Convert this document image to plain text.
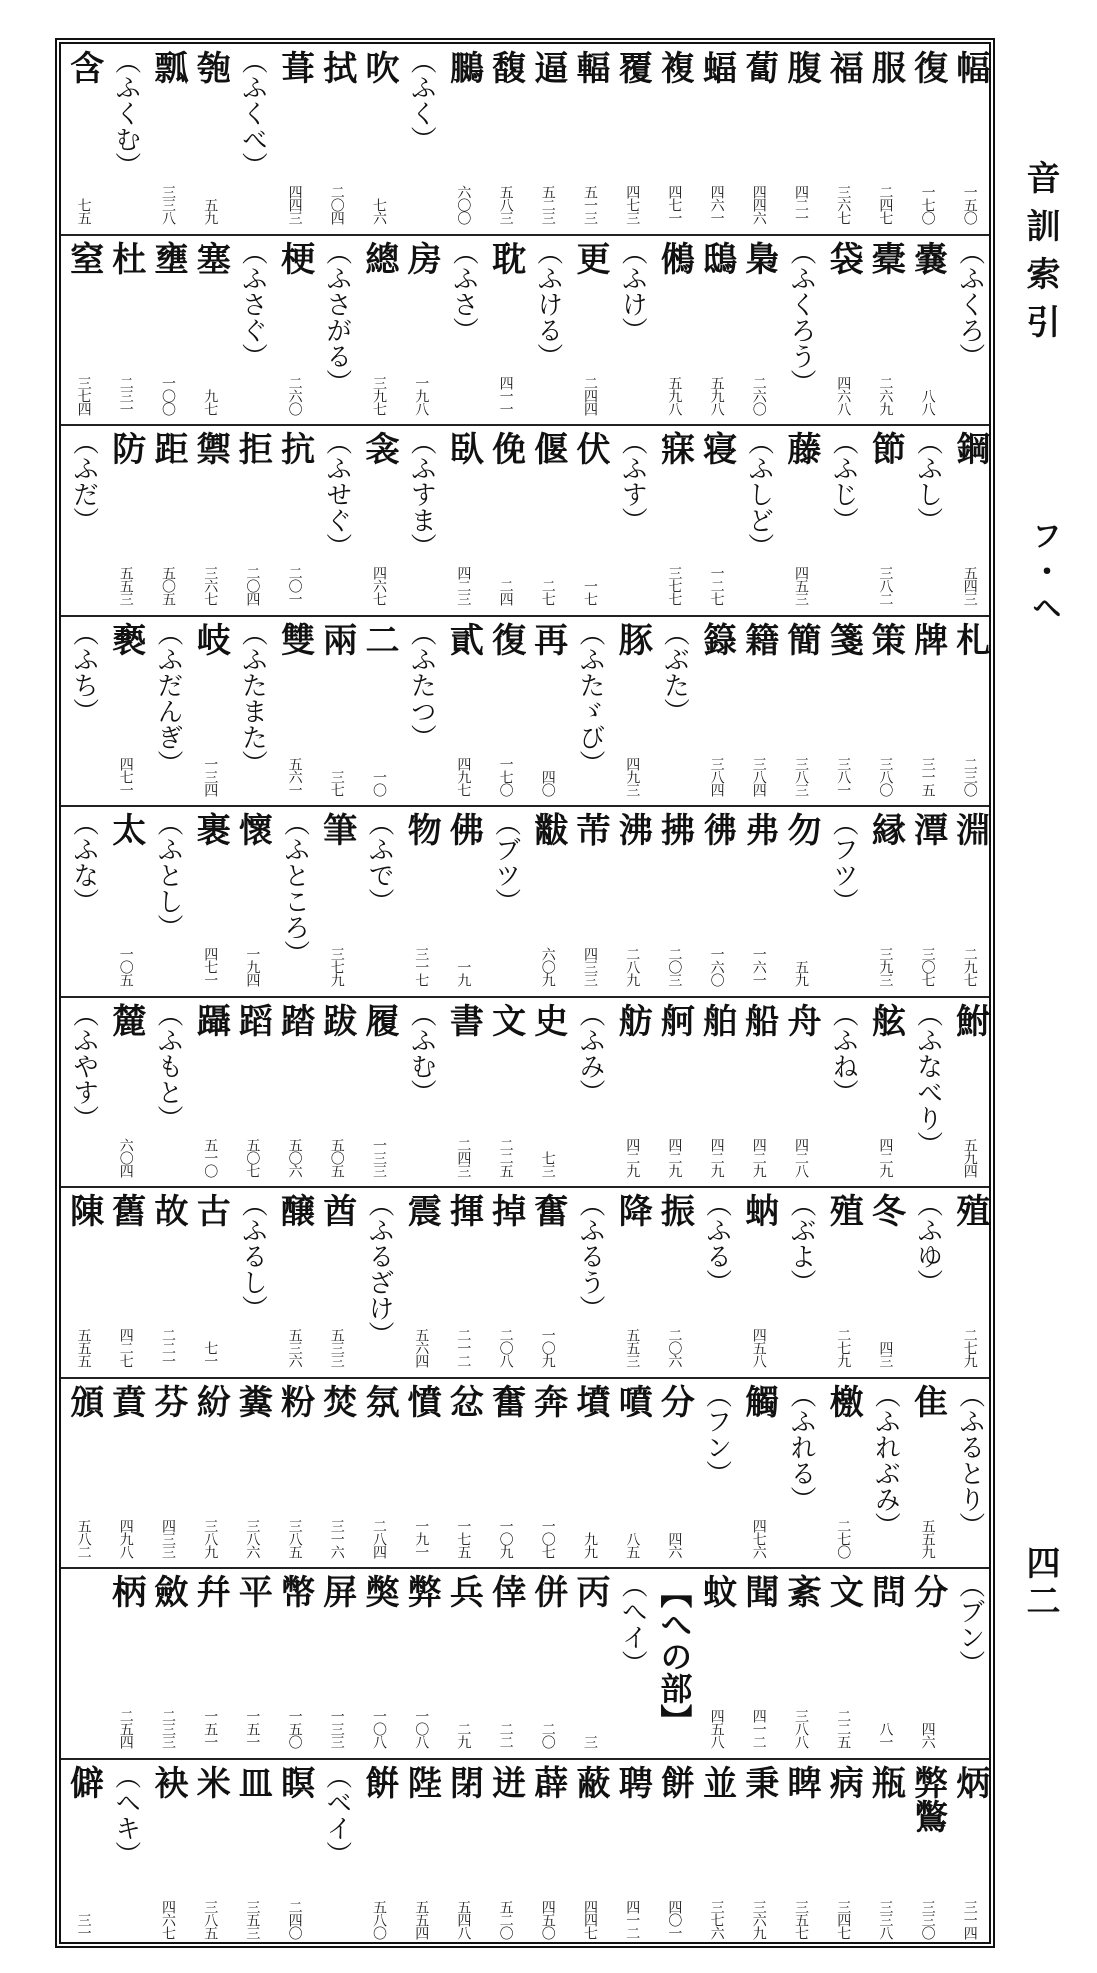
幅
一五〇
復
一七〇
服
二四七
福
三六七
腹
四二一
蔔
四四六
蝠
四六一
複
四七一
覆
四七三
輻
五一三
逼
五二三
馥
五八三
鵩
六〇〇
（ふく）
吹
七六
拭
二〇四
葺
四四三
（ふくべ）
匏
五九
瓢
三三八
（ふくむ）
含
七五
（ふくろ）
嚢
八八
橐
二六九
袋
四六八
（ふくろう）
梟
二六〇
鴟
五九八
鵂
五九八
（ふけ）
更
二四四
（ふける）
耽
四一一
（ふさ）
房
一九八
總
三九七
（ふさがる）
梗
二六〇
（ふさぐ）
塞
九七
壅
一〇〇
杜
二三一
窒
三七四
鋼
五四三
（ふし）
節
三八二
（ふじ）
藤
四五三
（ふしど）
寝
一二七
寐
三七七
（ふす）
伏
一七
偃
二七
俛
二四
臥
四二三
（ふすま）
衾
四六七
（ふせぐ）
抗
二〇一
拒
二〇四
禦
三六七
距
五〇五
防
五五三
（ふだ）
札
二三〇
牌
三一五
策
三八〇
箋
三八一
簡
三八三
籍
三八四
籙
三八四
（ぶた）
豚
四九三
（ふたゞび）
再
四〇
復
一七〇
貳
四九七
（ふたつ）
二
一〇
兩
三七
雙
五六一
（ふたまた）
岐
一三四
（ふだんぎ）
褻
四七一
（ふち）
淵
二九七
潭
三〇七
縁
三九三
（フツ）
勿
五九
弗
一六一
彿
一六〇
拂
二〇三
沸
二八九
芾
四三三
黻
六〇九
（ブツ）
佛
一九
物
三一七
（ふで）
筆
三七九
（ふところ）
懷
一九四
裹
四七一
（ふとし）
太
一〇五
（ふな）
鮒
五九四
（ふなべり）
舷
四二九
（ふね）
舟
四二八
船
四二九
舶
四二九
舸
四二九
舫
四二九
（ふみ）
史
七三
文
二二五
書
二四三
（ふむ）
履
一三三
跋
五〇五
踏
五〇六
蹈
五〇七
躡
五一〇
（ふもと）
麓
六〇四
（ふやす）
殖
二七九
（ふゆ）
冬
四三
殖
二七九
（ぶよ）
蚋
四五八
（ふる）
振
二〇六
降
五五三
（ふるう）
奮
一〇九
掉
二〇八
揮
二一二
震
五六四
（ふるざけ）
酋
五三三
醸
五三六
（ふるし）
古
七一
故
二二一
舊
四二七
陳
五五五
（ふるとり）
隹
五五九
（ふれぶみ）
檄
二七〇
（ふれる）
觸
四七六
（フン）
分
四六
噴
八五
墳
九九
奔
一〇七
奮
一〇九
忿
一七五
憤
一九一
氛
二八四
焚
三一六
粉
三八五
糞
三八六
紛
三八九
芬
四三三
賁
四九八
頒
五八二
（ブン）
分
四六
問
八一
文
二二五
紊
三八八
聞
四一二
蚊
四五八
【への部】
（へイ）
丙
三
併
二〇
倖
二二
兵
二九
弊
一〇八
獘
一〇八
屏
一三三
幣
一五〇
平
一五一
幷
一五一
斂
二三三
柄
二五四
炳
三一四
弊鷩
三三〇
瓶
三三八
病
三四七
睥
三五七
秉
三六九
並
三七六
餅
四〇一
聘
四一二
蔽
四四七
薜
四五〇
迸
五二〇
閉
五四八
陛
五五四
餠
五八〇
（ベイ）
瞑
二四〇
皿
三五三
米
三八五
袂
四六七
（ヘキ）
僻
三一
音訓索引
フ・ヘ
四二
